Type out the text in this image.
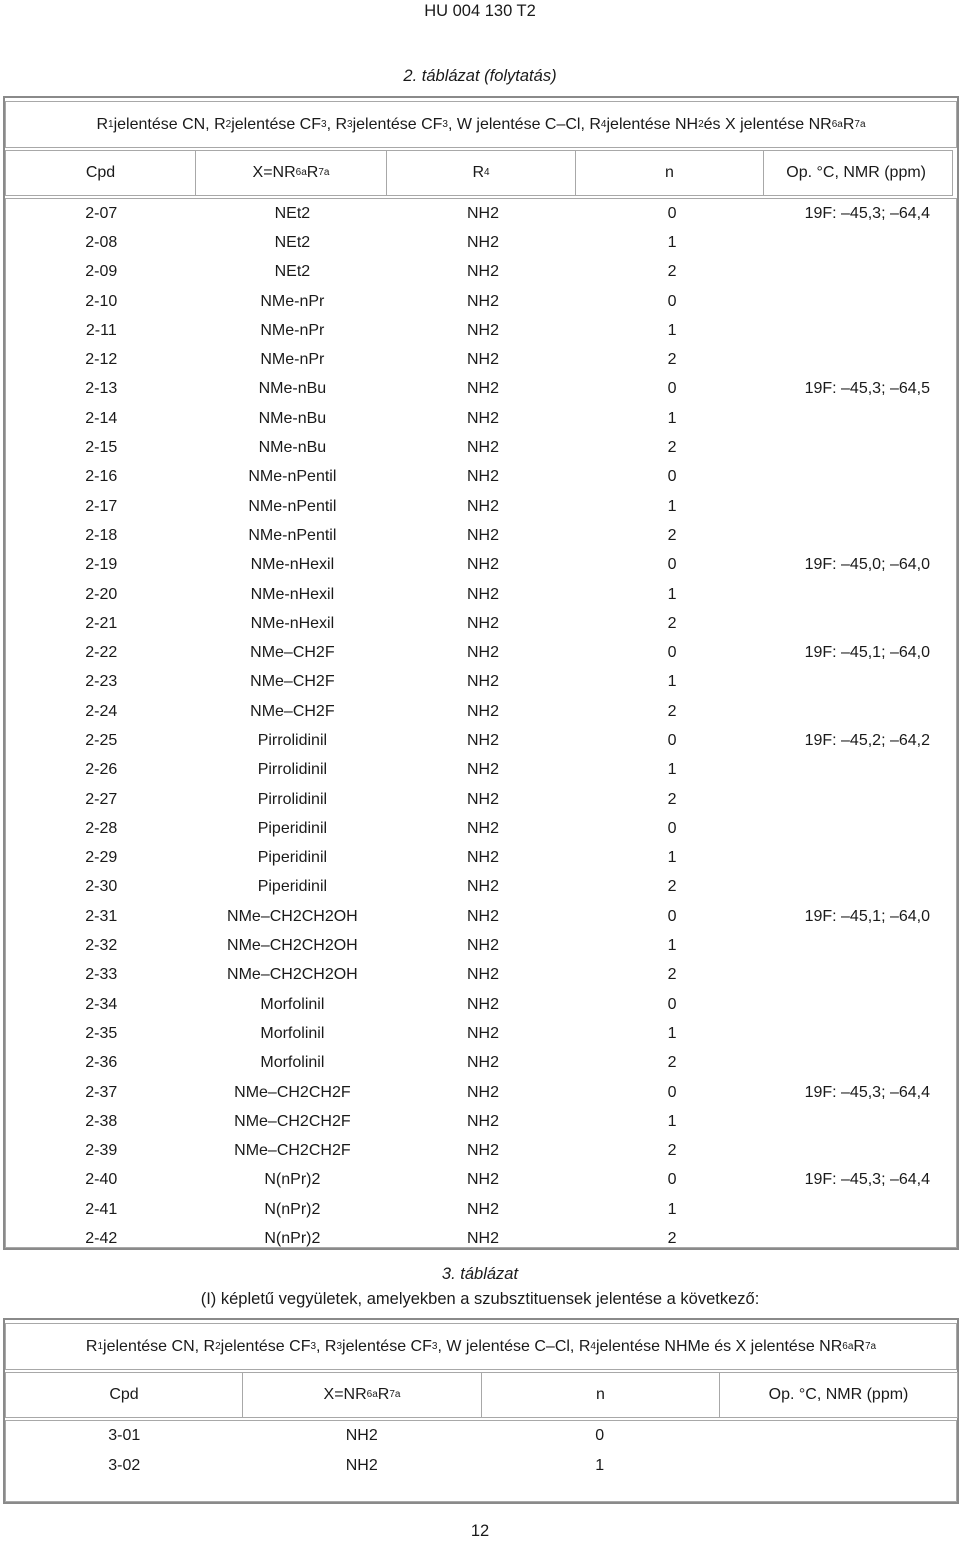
HU 004 130 T2
2. táblázat (folytatás)
R 1 jelentése CN, R 2 jelentése CF 3 , R 3 jelentése CF 3 , W jelentése C–Cl, R 4 jelentése NH 2 és X jelentése NR 6a R 7a
Cpd	X=NR 6a R 7a	R 4	n	Op. °C, NMR (ppm)
2-07	NEt2	NH2	0	19F: –45,3; –64,4
2-08	NEt2	NH2	1
2-09	NEt2	NH2	2
2-10	NMe-nPr	NH2	0
2-11	NMe-nPr	NH2	1
2-12	NMe-nPr	NH2	2
2-13	NMe-nBu	NH2	0	19F: –45,3; –64,5
2-14	NMe-nBu	NH2	1
2-15	NMe-nBu	NH2	2
2-16	NMe-nPentil	NH2	0
2-17	NMe-nPentil	NH2	1
2-18	NMe-nPentil	NH2	2
2-19	NMe-nHexil	NH2	0	19F: –45,0; –64,0
2-20	NMe-nHexil	NH2	1
2-21	NMe-nHexil	NH2	2
2-22	NMe–CH2F	NH2	0	19F: –45,1; –64,0
2-23	NMe–CH2F	NH2	1
2-24	NMe–CH2F	NH2	2
2-25	Pirrolidinil	NH2	0	19F: –45,2; –64,2
2-26	Pirrolidinil	NH2	1
2-27	Pirrolidinil	NH2	2
2-28	Piperidinil	NH2	0
2-29	Piperidinil	NH2	1
2-30	Piperidinil	NH2	2
2-31	NMe–CH2CH2OH	NH2	0	19F: –45,1; –64,0
2-32	NMe–CH2CH2OH	NH2	1
2-33	NMe–CH2CH2OH	NH2	2
2-34	Morfolinil	NH2	0
2-35	Morfolinil	NH2	1
2-36	Morfolinil	NH2	2
2-37	NMe–CH2CH2F	NH2	0	19F: –45,3; –64,4
2-38	NMe–CH2CH2F	NH2	1
2-39	NMe–CH2CH2F	NH2	2
2-40	N(nPr)2	NH2	0	19F: –45,3; –64,4
2-41	N(nPr)2	NH2	1
2-42	N(nPr)2	NH2	2
3. táblázat
(I) képletű vegyületek, amelyekben a szubsztituensek jelentése a következő:
R 1 jelentése CN, R 2 jelentése CF 3 , R 3 jelentése CF 3 , W jelentése C–Cl, R 4 jelentése NHMe és X jelentése NR 6a R 7a
Cpd	X=NR 6a R 7a	n	Op. °C, NMR (ppm)
3-01	NH2	0
3-02	NH2	1
12
